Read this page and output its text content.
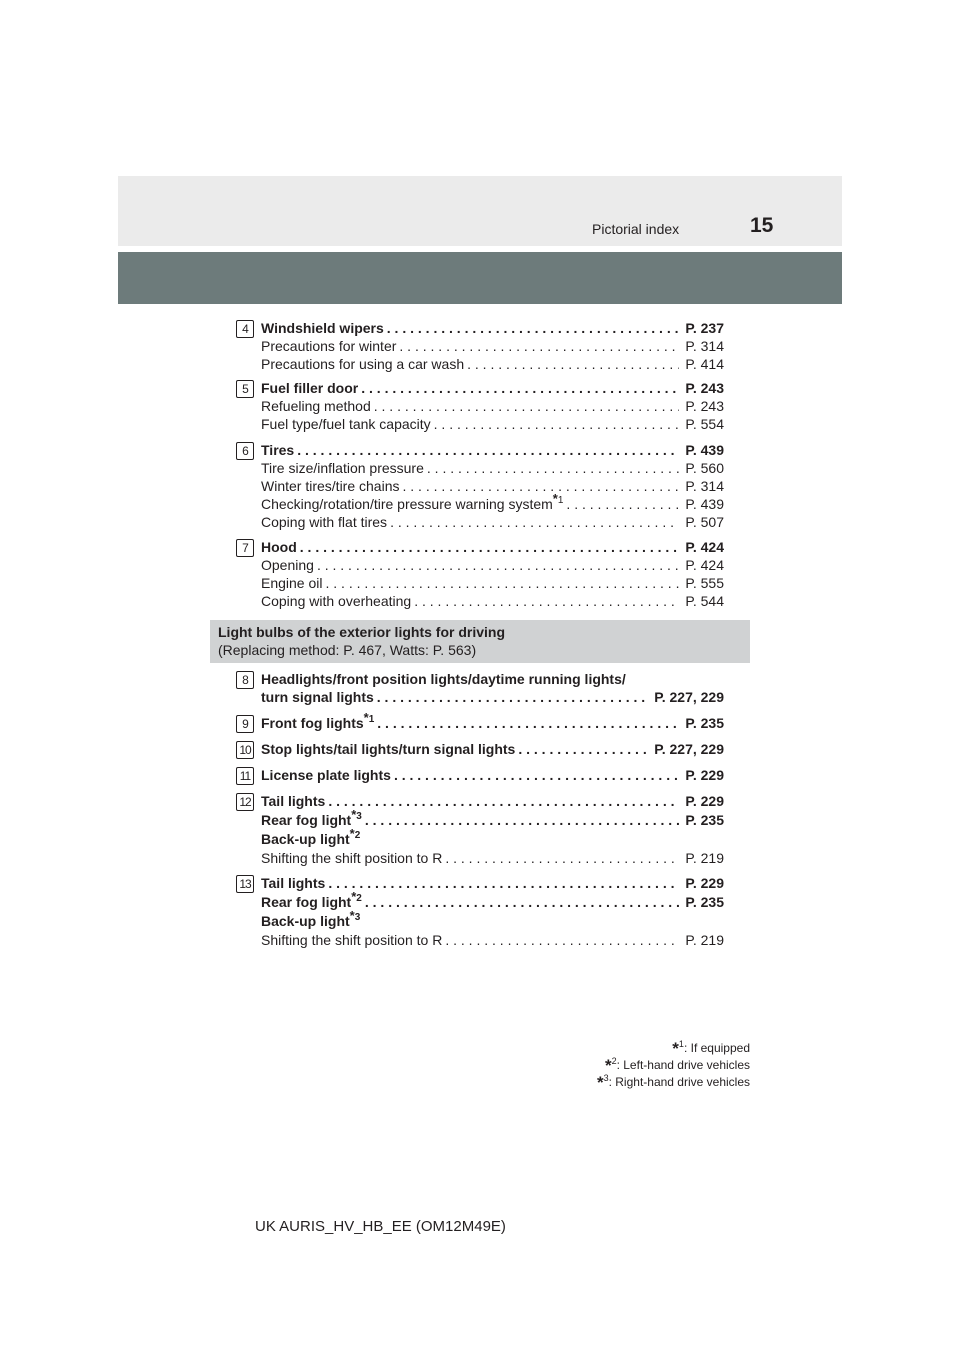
Pictorial index	15
4 Windshield wipers . . .	P. 237
Precautions for winter . . .	P. 314
Precautions for using a car wash . . .	P. 414
5 Fuel filler door . . .	P. 243
Refueling method . . .	P. 243
Fuel type/fuel tank capacity . . .	P. 554
6 Tires . . .	P. 439
Tire size/inflation pressure . . .	P. 560
Winter tires/tire chains . . .	P. 314
Checking/rotation/tire pressure warning system$^{*1}$ . . .	P. 439
Coping with flat tires . . .	P. 507
7 Hood . . .	P. 424
Opening . . .	P. 424
Engine oil . . .	P. 555
Coping with overheating . . .	P. 544
Light bulbs of the exterior lights for driving
(Replacing method: P. 467, Watts: P. 563)
8 Headlights/front position lights/daytime running lights/
turn signal lights . . .	P. 227, 229
9 Front fog lights$^{*1}$ . . .	P. 235
10 Stop lights/tail lights/turn signal lights . . .	P. 227, 229
11 License plate lights . . .	P. 229
12 Tail lights . . .	P. 229
Rear fog light$^{*3}$ . . .	P. 235
Back-up light$^{*2}$
Shifting the shift position to R . . .	P. 219
13 Tail lights . . .	P. 229
Rear fog light$^{*2}$ . . .	P. 235
Back-up light$^{*3}$
Shifting the shift position to R . . .	P. 219
*$^1$: If equipped
*$^2$: Left-hand drive vehicles
*$^3$: Right-hand drive vehicles
UK AURIS_HV_HB_EE (OM12M49E)
